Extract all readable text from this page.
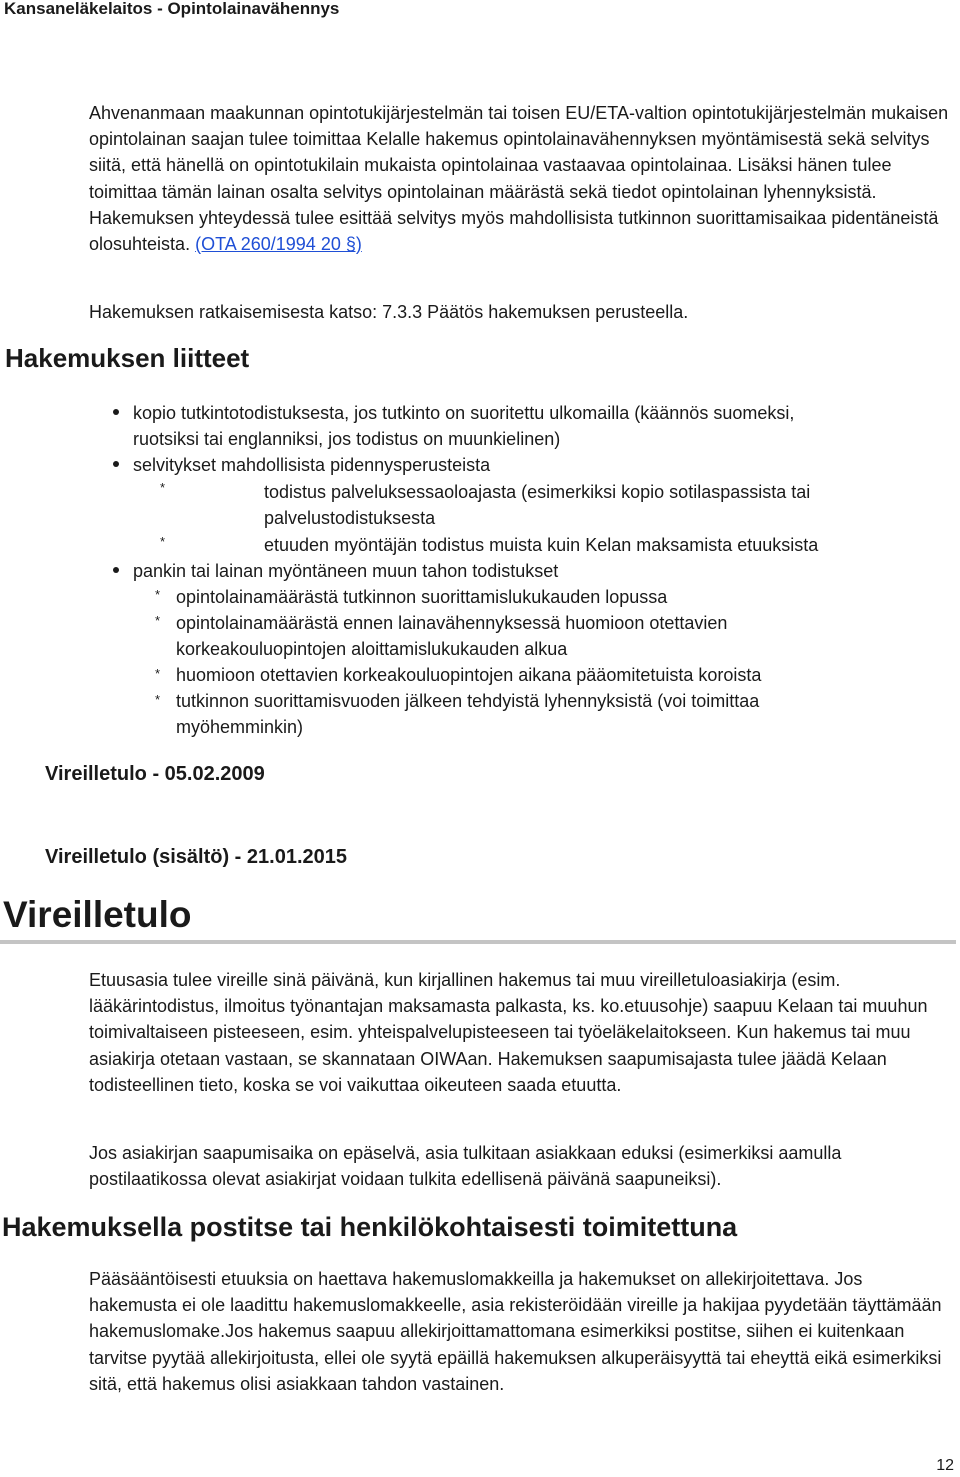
Kansaneläkelaitos - Opintolainavähennys
Ahvenanmaan maakunnan opintotukijärjestelmän tai toisen EU/ETA-valtion opintotukijärjestelmän mukaisen opintolainan saajan tulee toimittaa Kelalle hakemus opintolainavähennyksen myöntämisestä sekä selvitys siitä, että hänellä on opintotukilain mukaista opintolainaa vastaavaa opintolainaa. Lisäksi hänen tulee toimittaa tämän lainan osalta selvitys opintolainan määrästä sekä tiedot opintolainan lyhennyksistä. Hakemuksen yhteydessä tulee esittää selvitys myös mahdollisista tutkinnon suorittamisaikaa pidentäneistä olosuhteista. (OTA 260/1994 20 §)
Hakemuksen ratkaisemisesta katso: 7.3.3 Päätös hakemuksen perusteella.
Hakemuksen liitteet
kopio tutkintotodistuksesta, jos tutkinto on suoritettu ulkomailla (käännös suomeksi,
ruotsiksi tai englanniksi, jos todistus on muunkielinen)
selvitykset mahdollisista pidennysperusteista
*	todistus palveluksessaoloajasta (esimerkiksi kopio sotilaspassista tai
palvelustodistuksesta
*	etuuden myöntäjän todistus muista kuin Kelan maksamista etuuksista
pankin tai lainan myöntäneen muun tahon todistukset
* opintolainamäärästä tutkinnon suorittamislukukauden lopussa
* opintolainamäärästä ennen lainavähennyksessä huomioon otettavien
korkeakouluopintojen aloittamislukukauden alkua
* huomioon otettavien korkeakouluopintojen aikana pääomitetuista koroista
* tutkinnon suorittamisvuoden jälkeen tehdyistä lyhennyksistä (voi toimittaa
myöhemminkin)
Vireilletulo - 05.02.2009
Vireilletulo (sisältö) - 21.01.2015
Vireilletulo
Etuusasia tulee vireille sinä päivänä, kun kirjallinen hakemus tai muu vireilletuloasiakirja (esim. lääkärintodistus, ilmoitus työnantajan maksamasta palkasta, ks. ko.etuusohje) saapuu Kelaan tai muuhun toimivaltaiseen pisteeseen, esim. yhteispalvelupisteeseen tai työeläkelaitokseen. Kun hakemus tai muu asiakirja otetaan vastaan, se skannataan OIWAan. Hakemuksen saapumisajasta tulee jäädä Kelaan todisteellinen tieto, koska se voi vaikuttaa oikeuteen saada etuutta.
Jos asiakirjan saapumisaika on epäselvä, asia tulkitaan asiakkaan eduksi (esimerkiksi aamulla postilaatikossa olevat asiakirjat voidaan tulkita edellisenä päivänä saapuneiksi).
Hakemuksella postitse tai henkilökohtaisesti toimitettuna
Pääsääntöisesti etuuksia on haettava hakemuslomakkeilla ja hakemukset on allekirjoitettava. Jos hakemusta ei ole laadittu hakemuslomakkeelle, asia rekisteröidään vireille ja hakijaa pyydetään täyttämään hakemuslomake.Jos hakemus saapuu allekirjoittamattomana esimerkiksi postitse, siihen ei kuitenkaan tarvitse pyytää allekirjoitusta, ellei ole syytä epäillä hakemuksen alkuperäisyyttä tai eheyttä eikä esimerkiksi sitä, että hakemus olisi asiakkaan tahdon vastainen.
12
